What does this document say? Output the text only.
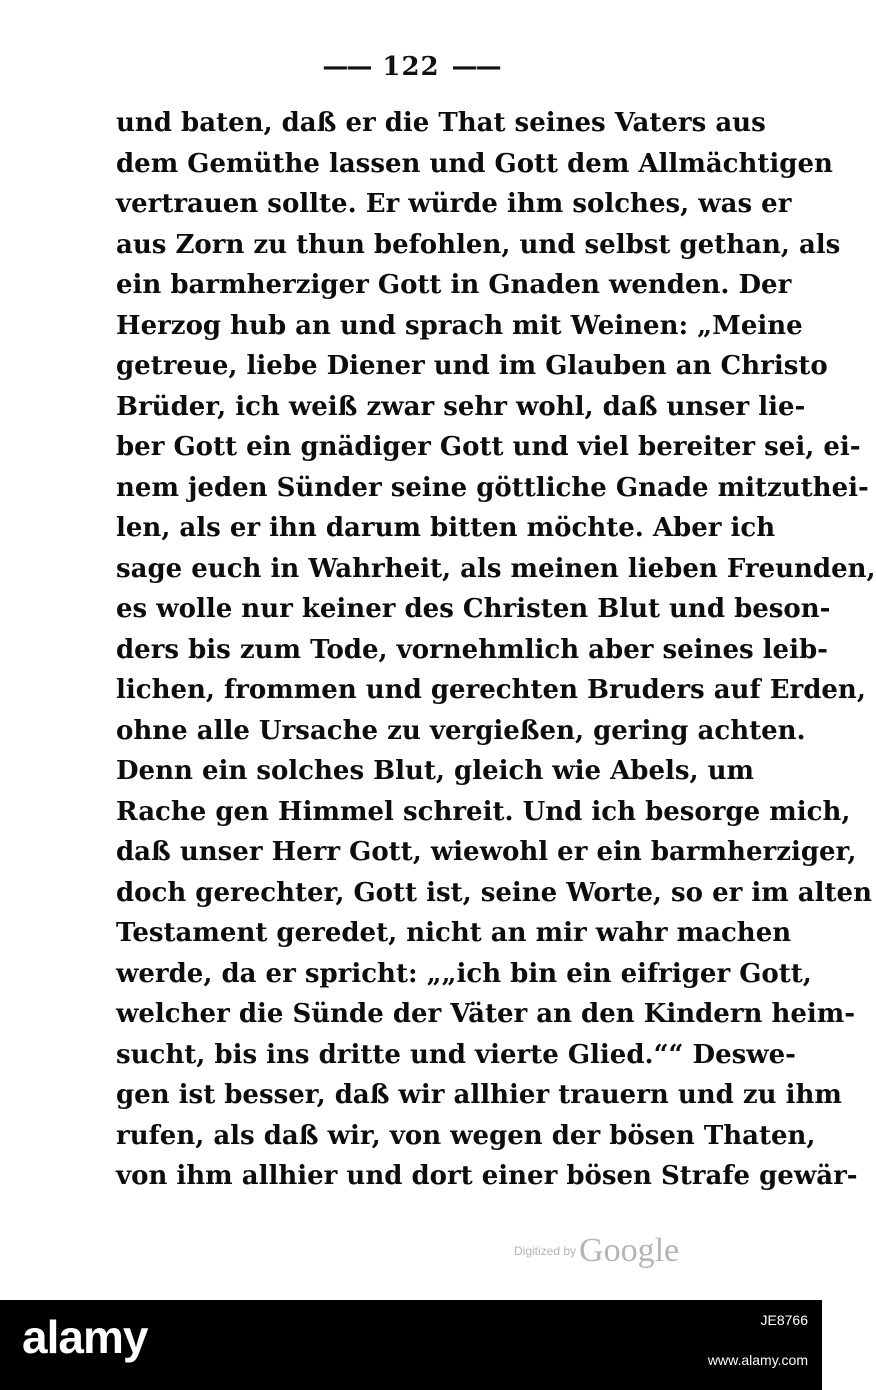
—— 122 ——
und baten, daß er die That seines Vaters aus
dem Gemüthe lassen und Gott dem Allmächtigen
vertrauen sollte. Er würde ihm solches, was er
aus Zorn zu thun befohlen, und selbst gethan, als
ein barmherziger Gott in Gnaden wenden. Der
Herzog hub an und sprach mit Weinen: „Meine
getreue, liebe Diener und im Glauben an Christo
Brüder, ich weiß zwar sehr wohl, daß unser lie-
ber Gott ein gnädiger Gott und viel bereiter sei, ei-
nem jeden Sünder seine göttliche Gnade mitzuthei-
len, als er ihn darum bitten möchte. Aber ich
sage euch in Wahrheit, als meinen lieben Freunden,
es wolle nur keiner des Christen Blut und beson-
ders bis zum Tode, vornehmlich aber seines leib-
lichen, frommen und gerechten Bruders auf Erden,
ohne alle Ursache zu vergießen, gering achten.
Denn ein solches Blut, gleich wie Abels, um
Rache gen Himmel schreit. Und ich besorge mich,
daß unser Herr Gott, wiewohl er ein barmherziger,
doch gerechter, Gott ist, seine Worte, so er im alten
Testament geredet, nicht an mir wahr machen
werde, da er spricht: „„ich bin ein eifriger Gott,
welcher die Sünde der Väter an den Kindern heim-
sucht, bis ins dritte und vierte Glied.““ Deswe-
gen ist besser, daß wir allhier trauern und zu ihm
rufen, als daß wir, von wegen der bösen Thaten,
von ihm allhier und dort einer bösen Strafe gewär-
Digitized byGoogle
alamy	JE8766
www.alamy.com
